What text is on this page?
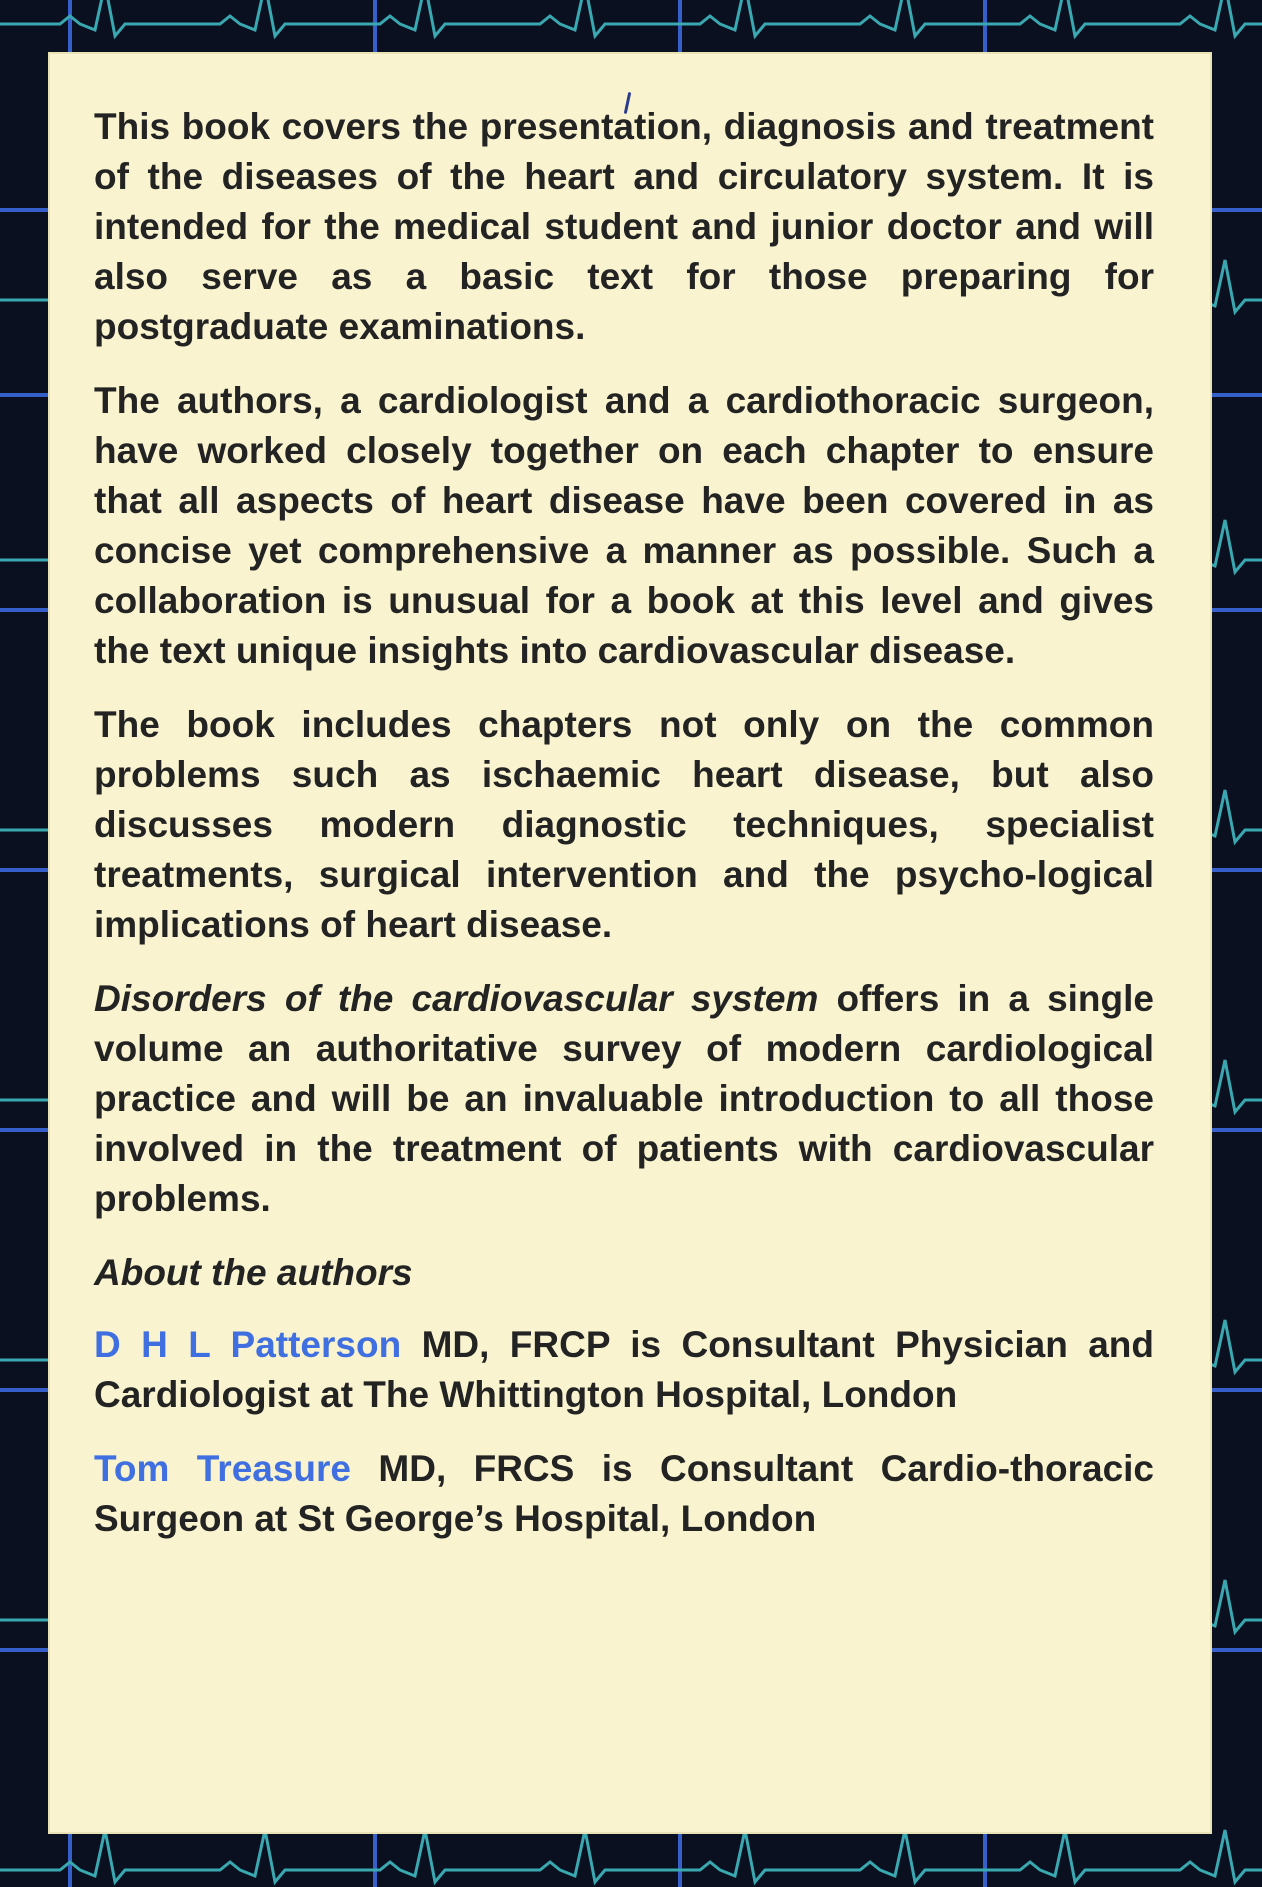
This book covers the presentation, diagnosis and treatment of the diseases of the heart and circulatory system. It is intended for the medical student and junior doctor and will also serve as a basic text for those preparing for postgraduate examinations.

The authors, a cardiologist and a cardiothoracic surgeon, have worked closely together on each chapter to ensure that all aspects of heart disease have been covered in as concise yet comprehensive a manner as possible. Such a collaboration is unusual for a book at this level and gives the text unique insights into cardiovascular disease.

The book includes chapters not only on the common problems such as ischaemic heart disease, but also discusses modern diagnostic techniques, specialist treatments, surgical intervention and the psycho-logical implications of heart disease.

Disorders of the cardiovascular system offers in a single volume an authoritative survey of modern cardiological practice and will be an invaluable introduction to all those involved in the treatment of patients with cardiovascular problems.

About the authors

D H L Patterson MD, FRCP is Consultant Physician and Cardiologist at The Whittington Hospital, London

Tom Treasure MD, FRCS is Consultant Cardio-thoracic Surgeon at St George’s Hospital, London
